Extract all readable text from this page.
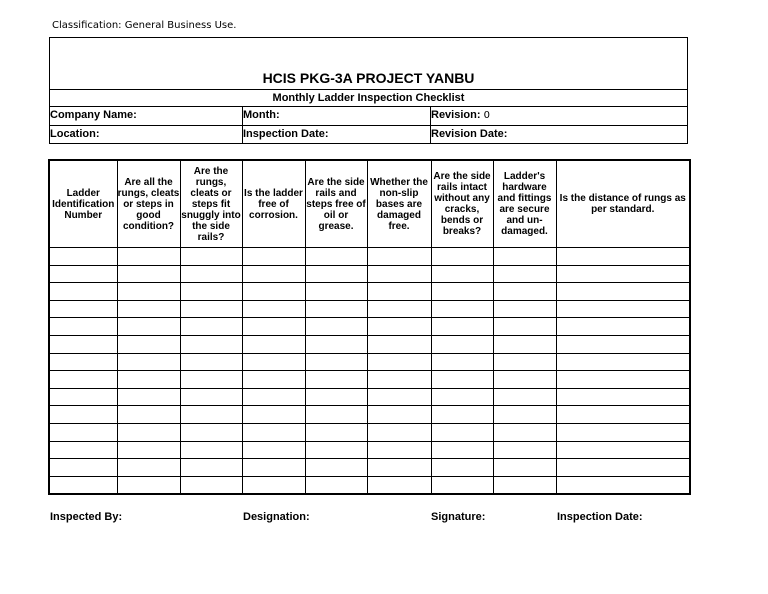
Classification: General Business Use.
HCIS PKG-3A PROJECT YANBU
Monthly Ladder Inspection Checklist
Company Name:	Month:	Revision: 0
Location:	Inspection Date:	Revision Date:
Ladder Identification Number	Are all the rungs, cleats or steps in good condition?	Are the rungs, cleats or steps fit snuggly into the side rails?	Is the ladder free of corrosion.	Are the side rails and steps free of oil or grease.	Whether the non-slip bases are damaged free.	Are the side rails intact without any cracks, bends or breaks?	Ladder's hardware and fittings are secure and un-damaged.	Is the distance of rungs as per standard.

Inspected By:	Designation:	Signature:	Inspection Date:
